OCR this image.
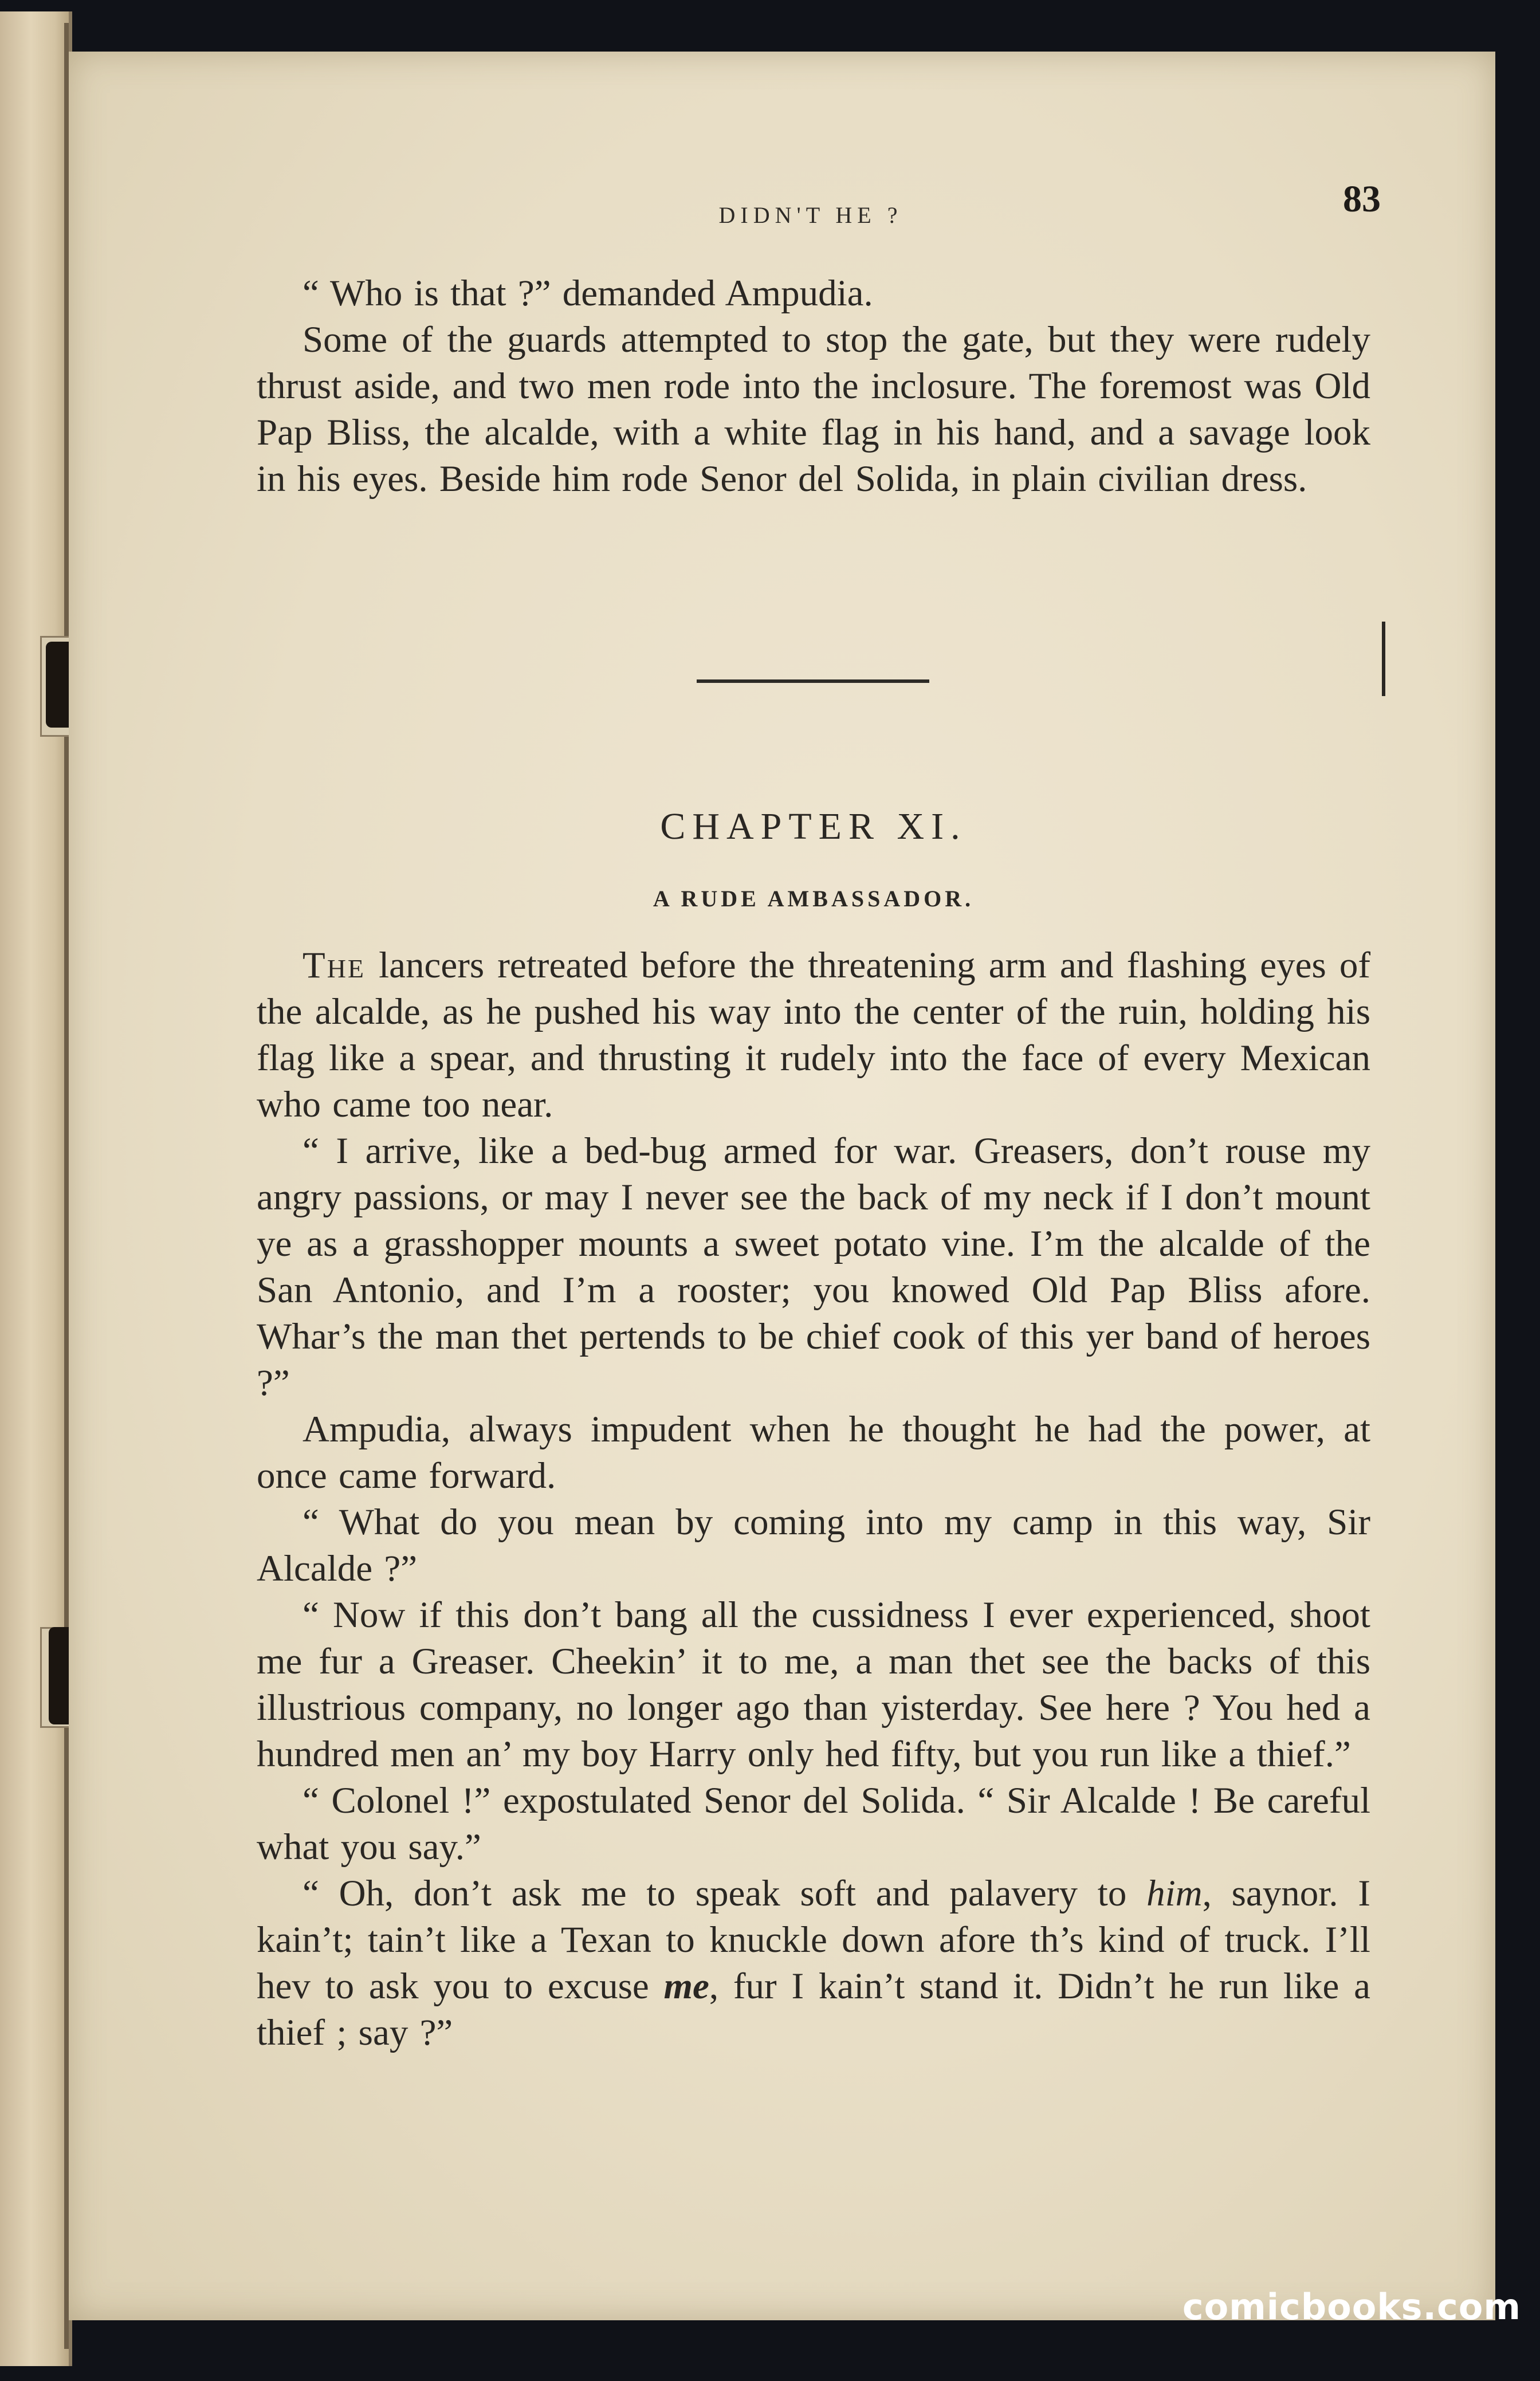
DIDN'T HE ?	83

“ Who is that ?” demanded Ampudia.

Some of the guards attempted to stop the gate, but they were rudely thrust aside, and two men rode into the inclosure. The foremost was Old Pap Bliss, the alcalde, with a white flag in his hand, and a savage look in his eyes. Beside him rode Senor del Solida, in plain civilian dress.

CHAPTER XI.
A RUDE AMBASSADOR.

The lancers retreated before the threatening arm and flashing eyes of the alcalde, as he pushed his way into the center of the ruin, holding his flag like a spear, and thrusting it rudely into the face of every Mexican who came too near.

“ I arrive, like a bed-bug armed for war. Greasers, don’t rouse my angry passions, or may I never see the back of my neck if I don’t mount ye as a grasshopper mounts a sweet potato vine. I’m the alcalde of the San Antonio, and I’m a rooster; you knowed Old Pap Bliss afore. Whar’s the man thet pertends to be chief cook of this yer band of heroes ?”

Ampudia, always impudent when he thought he had the power, at once came forward.

“ What do you mean by coming into my camp in this way, Sir Alcalde ?”

“ Now if this don’t bang all the cussidness I ever experienced, shoot me fur a Greaser. Cheekin’ it to me, a man thet see the backs of this illustrious company, no longer ago than yisterday. See here ? You hed a hundred men an’ my boy Harry only hed fifty, but you run like a thief.”

“ Colonel !” expostulated Senor del Solida. “ Sir Alcalde ! Be careful what you say.”

“ Oh, don’t ask me to speak soft and palavery to him, saynor. I kain’t; tain’t like a Texan to knuckle down afore th’s kind of truck. I’ll hev to ask you to excuse me, fur I kain’t stand it. Didn’t he run like a thief ; say ?”

comicbooks.com
